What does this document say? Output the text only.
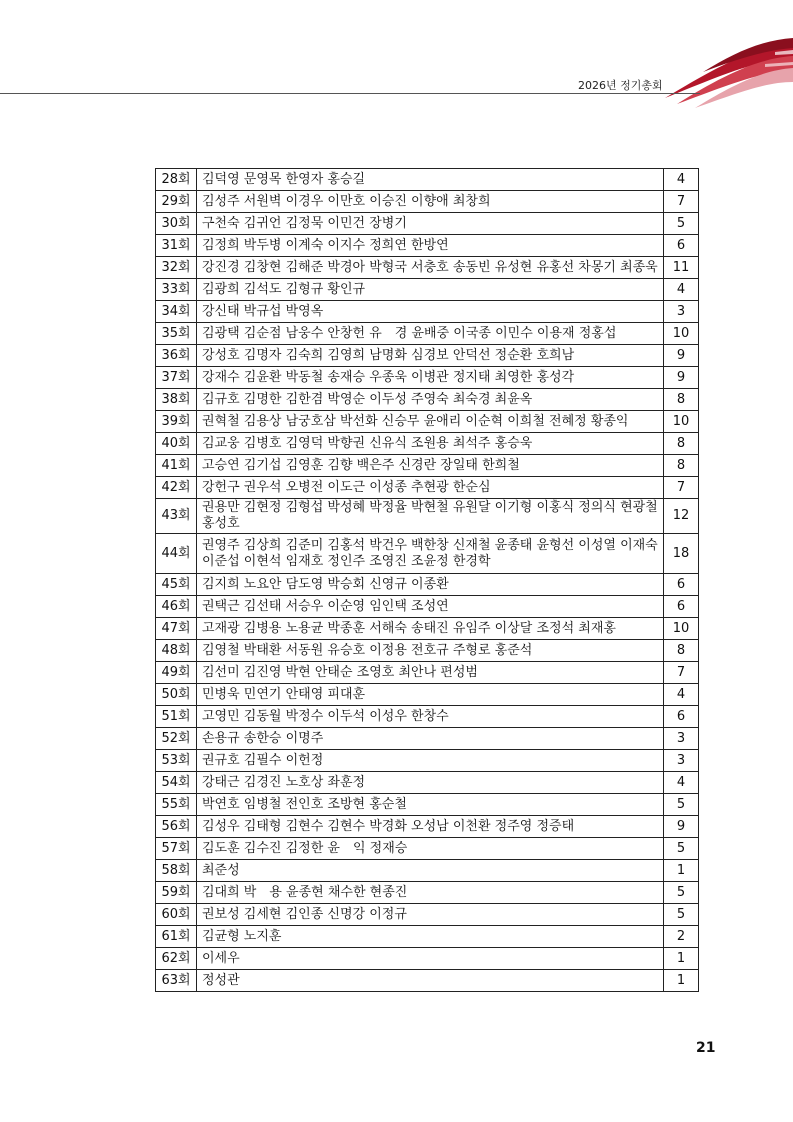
2026년 정기총회
28회	김덕영 문영목 한영자 홍승길	4
29회	김성주 서원벽 이경우 이만호 이승진 이향애 최창희	7
30회	구천숙 김귀언 김정묵 이민건 장병기	5
31회	김정희 박두병 이계숙 이지수 정희연 한방연	6
32회	강진경 김창현 김해준 박경아 박형국 서충호 송동빈 유성현 유홍선 차몽기 최종욱	11
33회	김광희 김석도 김형규 황인규	4
34회	강신태 박규섭 박영옥	3
35회	김광택 김순점 남웅수 안창헌 유　경 윤배중 이국종 이민수 이용재 정홍섭	10
36회	강성호 김명자 김숙희 김영희 남명화 심경보 안덕선 정순환 호희남	9
37회	강재수 김윤환 박동철 송재승 우종욱 이병관 정지태 최영한 홍성각	9
38회	김규호 김명한 김한겸 박영순 이두성 주영숙 최숙경 최윤옥	8
39회	권혁철 김용상 남궁호삼 박선화 신승무 윤애리 이순혁 이희철 전혜정 황종익	10
40회	김교웅 김병호 김영덕 박향권 신유식 조원용 최석주 홍승욱	8
41회	고승연 김기섭 김영훈 김향 백은주 신경란 장일태 한희철	8
42회	강헌구 권우석 오병전 이도근 이성종 추현광 한순심	7
43회	권용만 김현정 김형섭 박성혜 박정율 박현철 유원달 이기형 이홍식 정의식 현광철 홍성호	12
44회	권영주 김상희 김준미 김홍석 박건우 백한창 신재철 윤종태 윤형선 이성열 이재숙 이준섭 이현석 임재호 정인주 조영진 조윤정 한경학	18
45회	김지희 노요안 담도영 박승회 신영규 이종환	6
46회	권택근 김선태 서승우 이순영 임인택 조성연	6
47회	고재광 김병용 노용균 박종훈 서해숙 송태진 유임주 이상달 조정석 최재홍	10
48회	김영철 박태환 서동원 유승호 이정용 전호규 주형로 홍준석	8
49회	김선미 김진영 박현 안태순 조영호 최안나 편성범	7
50회	민병욱 민연기 안태영 피대훈	4
51회	고영민 김동월 박정수 이두석 이성우 한창수	6
52회	손용규 송한승 이명주	3
53회	권규호 김필수 이헌정	3
54회	강태근 김경진 노호상 좌훈정	4
55회	박연호 임병철 전인호 조방현 홍순철	5
56회	김성우 김태형 김현수 김현수 박경화 오성남 이천환 정주영 정증태	9
57회	김도훈 김수진 김정한 윤　익 정재승	5
58회	최준성	1
59회	김대희 박　용 윤종현 채수한 현종진	5
60회	권보성 김세현 김인종 신명강 이정규	5
61회	김균형 노지훈	2
62회	이세우	1
63회	정성관	1
21
